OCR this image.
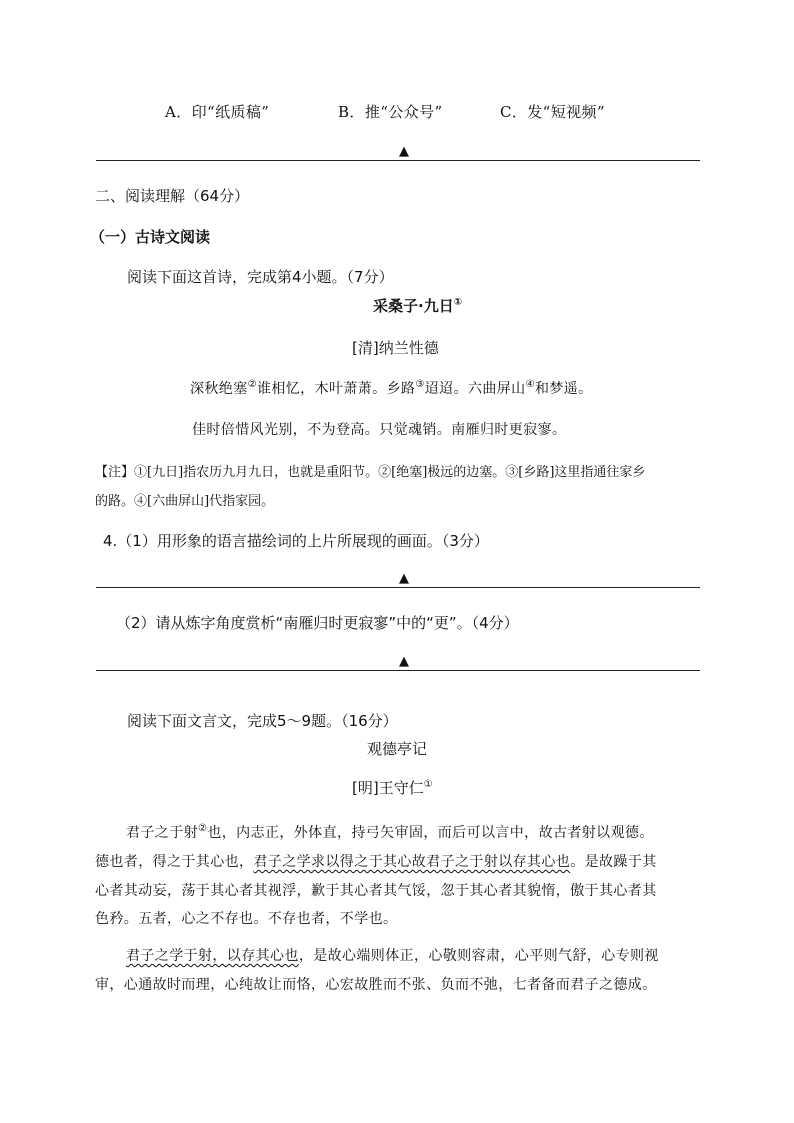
A．印“纸质稿”	B．推“公众号”	C．发“短视频”
▲
二、阅读理解（64分）
（一）古诗文阅读
阅读下面这首诗，完成第4小题。（7分）
采桑子·九日①
[清]纳兰性德
深秋绝塞②谁相忆，木叶萧萧。乡路③迢迢。六曲屏山④和梦遥。
佳时倍惜风光别，不为登高。只觉魂销。南雁归时更寂寥。
【注】①[九日]指农历九月九日，也就是重阳节。②[绝塞]极远的边塞。③[乡路]这里指通往家乡
的路。④[六曲屏山]代指家园。
4.（1）用形象的语言描绘词的上片所展现的画面。（3分）
▲
（2）请从炼字角度赏析“南雁归时更寂寥”中的“更”。（4分）
▲
阅读下面文言文，完成5～9题。（16分）
观德亭记
[明]王守仁①
君子之于射②也，内志正，外体直，持弓矢审固，而后可以言中，故古者射以观德。
德也者，得之于其心也，君子之学求以得之于其心故君子之于射以存其心也。是故躁于其
心者其动妄，荡于其心者其视浮，歉于其心者其气馁，忽于其心者其貌惰，傲于其心者其
色矜。五者，心之不存也。不存也者，不学也。
君子之学于射，以存其心也，是故心端则体正，心敬则容肃，心平则气舒，心专则视
审，心通故时而理，心纯故让而恪，心宏故胜而不张、负而不弛，七者备而君子之德成。
